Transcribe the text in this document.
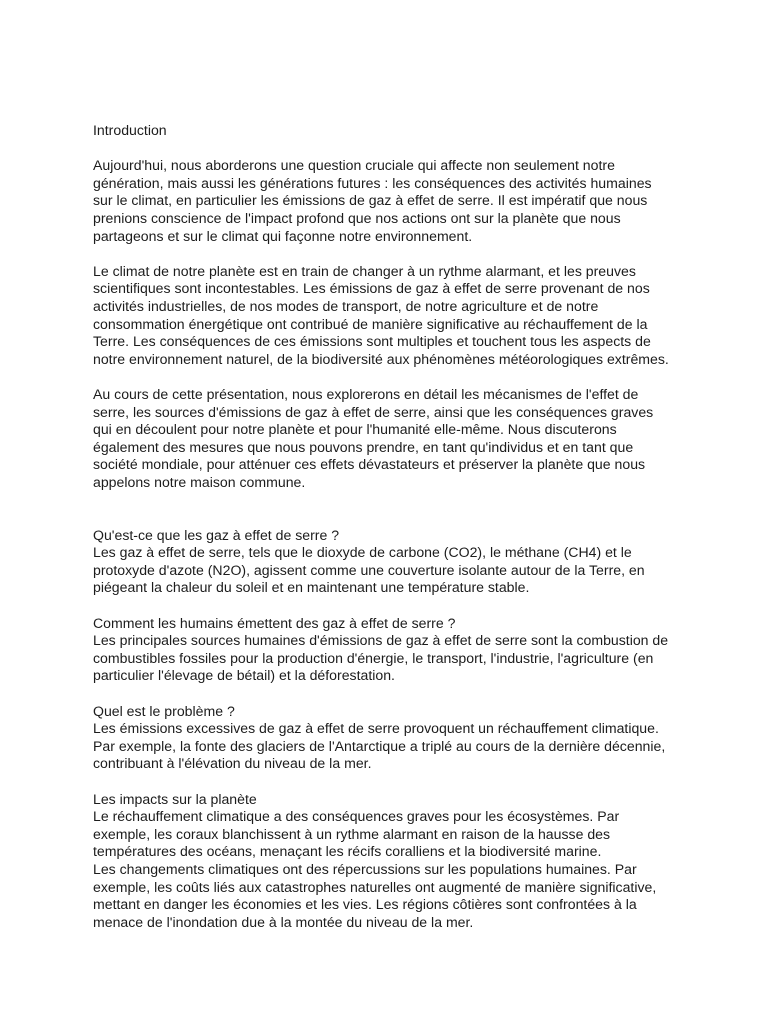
Introduction

Aujourd'hui, nous aborderons une question cruciale qui affecte non seulement notre
génération, mais aussi les générations futures : les conséquences des activités humaines
sur le climat, en particulier les émissions de gaz à effet de serre. Il est impératif que nous
prenions conscience de l'impact profond que nos actions ont sur la planète que nous
partageons et sur le climat qui façonne notre environnement.

Le climat de notre planète est en train de changer à un rythme alarmant, et les preuves
scientifiques sont incontestables. Les émissions de gaz à effet de serre provenant de nos
activités industrielles, de nos modes de transport, de notre agriculture et de notre
consommation énergétique ont contribué de manière significative au réchauffement de la
Terre. Les conséquences de ces émissions sont multiples et touchent tous les aspects de
notre environnement naturel, de la biodiversité aux phénomènes météorologiques extrêmes.

Au cours de cette présentation, nous explorerons en détail les mécanismes de l'effet de
serre, les sources d'émissions de gaz à effet de serre, ainsi que les conséquences graves
qui en découlent pour notre planète et pour l'humanité elle-même. Nous discuterons
également des mesures que nous pouvons prendre, en tant qu'individus et en tant que
société mondiale, pour atténuer ces effets dévastateurs et préserver la planète que nous
appelons notre maison commune.

Qu'est-ce que les gaz à effet de serre ?

Les gaz à effet de serre, tels que le dioxyde de carbone (CO2), le méthane (CH4) et le
protoxyde d'azote (N2O), agissent comme une couverture isolante autour de la Terre, en
piégeant la chaleur du soleil et en maintenant une température stable.

Comment les humains émettent des gaz à effet de serre ?

Les principales sources humaines d'émissions de gaz à effet de serre sont la combustion de
combustibles fossiles pour la production d'énergie, le transport, l'industrie, l'agriculture (en
particulier l'élevage de bétail) et la déforestation.

Quel est le problème ?

Les émissions excessives de gaz à effet de serre provoquent un réchauffement climatique.
Par exemple, la fonte des glaciers de l'Antarctique a triplé au cours de la dernière décennie,
contribuant à l'élévation du niveau de la mer.

Les impacts sur la planète

Le réchauffement climatique a des conséquences graves pour les écosystèmes. Par
exemple, les coraux blanchissent à un rythme alarmant en raison de la hausse des
températures des océans, menaçant les récifs coralliens et la biodiversité marine.
Les changements climatiques ont des répercussions sur les populations humaines. Par
exemple, les coûts liés aux catastrophes naturelles ont augmenté de manière significative,
mettant en danger les économies et les vies. Les régions côtières sont confrontées à la
menace de l'inondation due à la montée du niveau de la mer.
